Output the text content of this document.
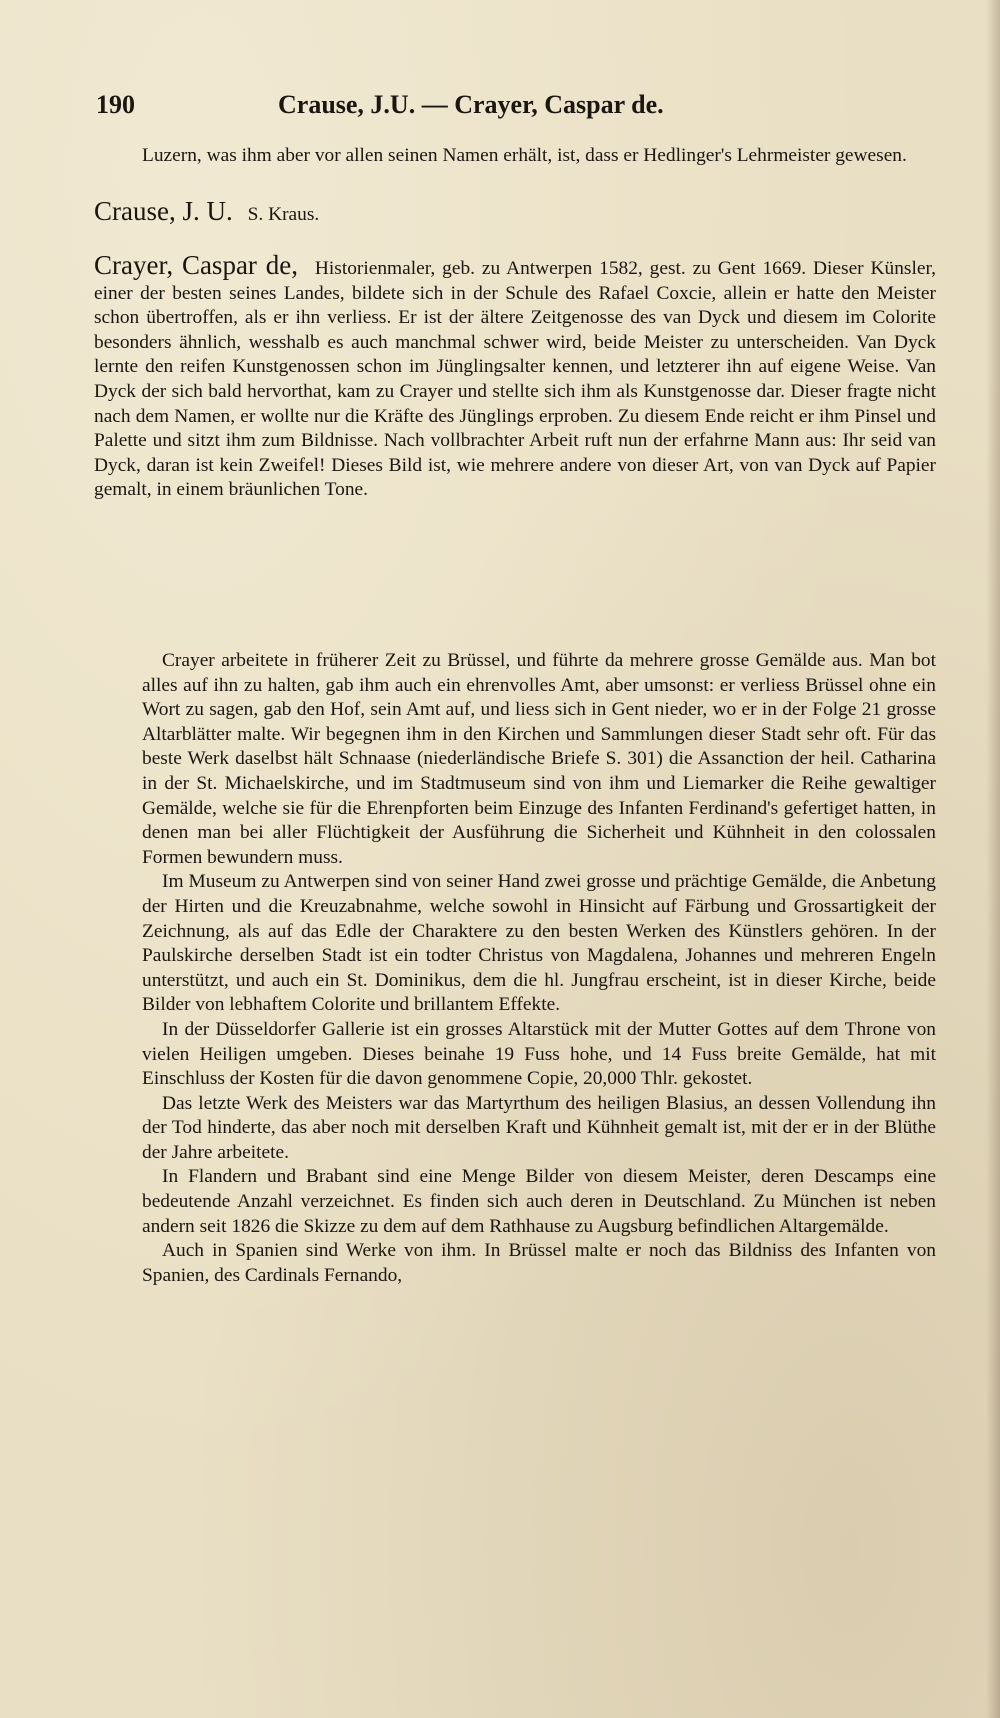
190	Crause, J.U. — Crayer, Caspar de.

Luzern, was ihm aber vor allen seinen Namen erhält, ist, dass er Hedlinger's Lehrmeister gewesen.

Crause, J. U. S. Kraus.
Crayer, Caspar de, Historienmaler, geb. zu Antwerpen 1582, gest. zu Gent 1669. Dieser Künsler, einer der besten seines Landes, bildete sich in der Schule des Rafael Coxcie, allein er hatte den Meister schon übertroffen, als er ihn verliess. Er ist der ältere Zeitgenosse des van Dyck und diesem im Colorite besonders ähnlich, wesshalb es auch manchmal schwer wird, beide Meister zu unterscheiden. Van Dyck lernte den reifen Kunstgenossen schon im Jünglingsalter kennen, und letzterer ihn auf eigene Weise. Van Dyck der sich bald hervorthat, kam zu Crayer und stellte sich ihm als Kunstgenosse dar. Dieser fragte nicht nach dem Namen, er wollte nur die Kräfte des Jünglings erproben. Zu diesem Ende reicht er ihm Pinsel und Palette und sitzt ihm zum Bildnisse. Nach vollbrachter Arbeit ruft nun der erfahrne Mann aus: Ihr seid van Dyck, daran ist kein Zweifel! Dieses Bild ist, wie mehrere andere von dieser Art, von van Dyck auf Papier gemalt, in einem bräunlichen Tone.

Crayer arbeitete in früherer Zeit zu Brüssel, und führte da mehrere grosse Gemälde aus. Man bot alles auf ihn zu halten, gab ihm auch ein ehrenvolles Amt, aber umsonst: er verliess Brüssel ohne ein Wort zu sagen, gab den Hof, sein Amt auf, und liess sich in Gent nieder, wo er in der Folge 21 grosse Altarblätter malte. Wir begegnen ihm in den Kirchen und Sammlungen dieser Stadt sehr oft. Für das beste Werk daselbst hält Schnaase (niederländische Briefe S. 301) die Assanction der heil. Catharina in der St. Michaelskirche, und im Stadtmuseum sind von ihm und Liemarker die Reihe gewaltiger Gemälde, welche sie für die Ehrenpforten beim Einzuge des Infanten Ferdinand's gefertiget hatten, in denen man bei aller Flüchtigkeit der Ausführung die Sicherheit und Kühnheit in den colossalen Formen bewundern muss.

Im Museum zu Antwerpen sind von seiner Hand zwei grosse und prächtige Gemälde, die Anbetung der Hirten und die Kreuzabnahme, welche sowohl in Hinsicht auf Färbung und Grossartigkeit der Zeichnung, als auf das Edle der Charaktere zu den besten Werken des Künstlers gehören. In der Paulskirche derselben Stadt ist ein todter Christus von Magdalena, Johannes und mehreren Engeln unterstützt, und auch ein St. Dominikus, dem die hl. Jungfrau erscheint, ist in dieser Kirche, beide Bilder von lebhaftem Colorite und brillantem Effekte.

In der Düsseldorfer Gallerie ist ein grosses Altarstück mit der Mutter Gottes auf dem Throne von vielen Heiligen umgeben. Dieses beinahe 19 Fuss hohe, und 14 Fuss breite Gemälde, hat mit Einschluss der Kosten für die davon genommene Copie, 20,000 Thlr. gekostet.

Das letzte Werk des Meisters war das Martyrthum des heiligen Blasius, an dessen Vollendung ihn der Tod hinderte, das aber noch mit derselben Kraft und Kühnheit gemalt ist, mit der er in der Blüthe der Jahre arbeitete.

In Flandern und Brabant sind eine Menge Bilder von diesem Meister, deren Descamps eine bedeutende Anzahl verzeichnet. Es finden sich auch deren in Deutschland. Zu München ist neben andern seit 1826 die Skizze zu dem auf dem Rathhause zu Augsburg befindlichen Altargemälde.

Auch in Spanien sind Werke von ihm. In Brüssel malte er noch das Bildniss des Infanten von Spanien, des Cardinals Fernando,
